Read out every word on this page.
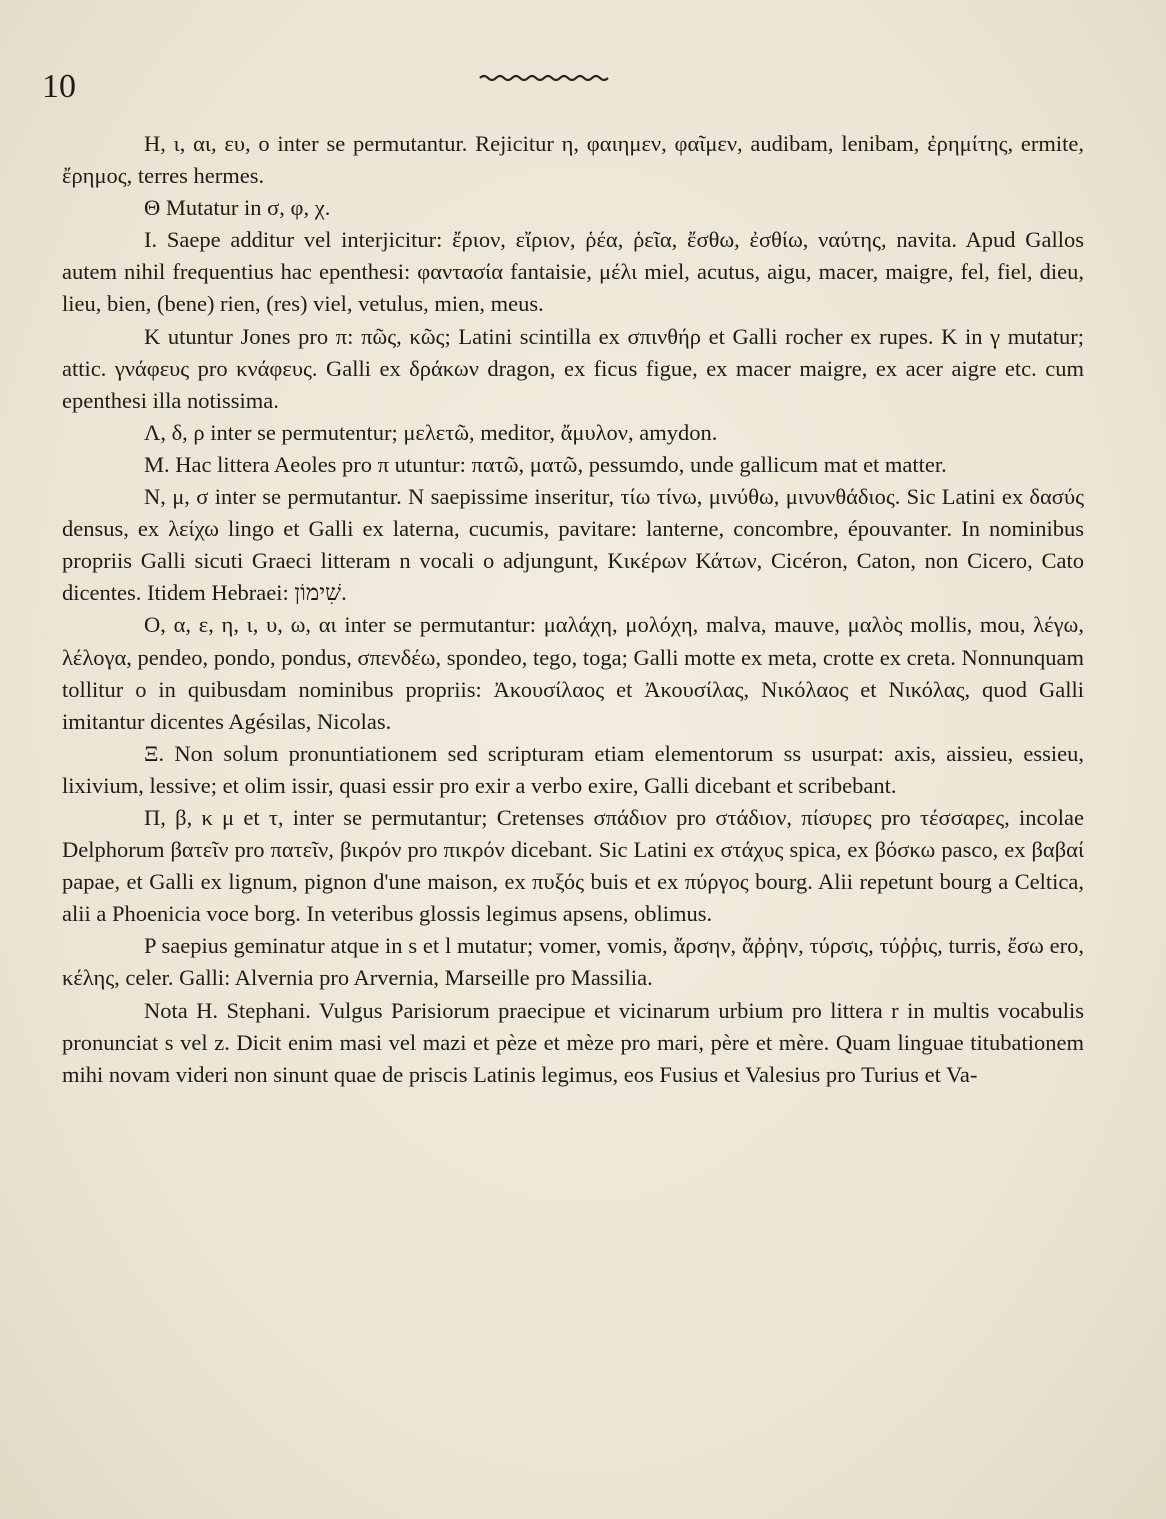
10

H, ι, αι, ευ, ο inter se permutantur. Rejicitur η, φαιημεν, φαῖμεν, audibam, lenibam, ἐρημίτης, ermite, ἔρημος, terres hermes.

Θ Mutatur in σ, φ, χ.

I. Saepe additur vel interjicitur: ἔριον, εἴριον, ῥέα, ῥεῖα, ἔσθω, ἐσθίω, ναύτης, navita. Apud Gallos autem nihil frequentius hac epenthesi: φαντασία fantaisie, μέλι miel, acutus, aigu, macer, maigre, fel, fiel, dieu, lieu, bien, (bene) rien, (res) viel, vetulus, mien, meus.

K utuntur Jones pro π: πῶς, κῶς; Latini scintilla ex σπινθήρ et Galli rocher ex rupes. K in γ mutatur; attic. γνάφευς pro κνάφευς. Galli ex δράκων dragon, ex ficus figue, ex macer maigre, ex acer aigre etc. cum epenthesi illa notissima.

Λ, δ, ρ inter se permutentur; μελετῶ, meditor, ἄμυλον, amydon.

M. Hac littera Aeoles pro π utuntur: πατῶ, ματῶ, pessumdo, unde gallicum mat et matter.

N, μ, σ inter se permutantur. N saepissime inseritur, τίω τίνω, μινύθω, μινυνθάδιος. Sic Latini ex δασύς densus, ex λείχω lingo et Galli ex laterna, cucumis, pavitare: lanterne, concombre, épouvanter. In nominibus propriis Galli sicuti Graeci litteram n vocali o adjungunt, Κικέρων Κάτων, Cicéron, Caton, non Cicero, Cato dicentes. Itidem Hebraei: שִׁימוֹן.

O, α, ε, η, ι, υ, ω, αι inter se permutantur: μαλάχη, μολόχη, malva, mauve, μαλὸς mollis, mou, λέγω, λέλογα, pendeo, pondo, pondus, σπενδέω, spondeo, tego, toga; Galli motte ex meta, crotte ex creta. Nonnunquam tollitur o in quibusdam nominibus propriis: Ἀκουσίλαος et Ἀκουσίλας, Νικόλαος et Νικόλας, quod Galli imitantur dicentes Agésilas, Nicolas.

Ξ. Non solum pronuntiationem sed scripturam etiam elementorum ss usurpat: axis, aissieu, essieu, lixivium, lessive; et olim issir, quasi essir pro exir a verbo exire, Galli dicebant et scribebant.

Π, β, κ μ et τ, inter se permutantur; Cretenses σπάδιον pro στάδιον, πίσυρες pro τέσσαρες, incolae Delphorum βατεῖν pro πατεῖν, βικρόν pro πικρόν dicebant. Sic Latini ex στάχυς spica, ex βόσκω pasco, ex βαβαί papae, et Galli ex lignum, pignon d'une maison, ex πυξός buis et ex πύργος bourg. Alii repetunt bourg a Celtica, alii a Phoenicia voce borg. In veteribus glossis legimus apsens, oblimus.

P saepius geminatur atque in s et l mutatur; vomer, vomis, ἄρσην, ἄῤῥην, τύρσις, τύῤῥις, turris, ἔσω ero, κέλης, celer. Galli: Alvernia pro Arvernia, Marseille pro Massilia.

Nota H. Stephani. Vulgus Parisiorum praecipue et vicinarum urbium pro littera r in multis vocabulis pronunciat s vel z. Dicit enim masi vel mazi et pèze et mèze pro mari, père et mère. Quam linguae titubationem mihi novam videri non sinunt quae de priscis Latinis legimus, eos Fusius et Valesius pro Turius et Va-
